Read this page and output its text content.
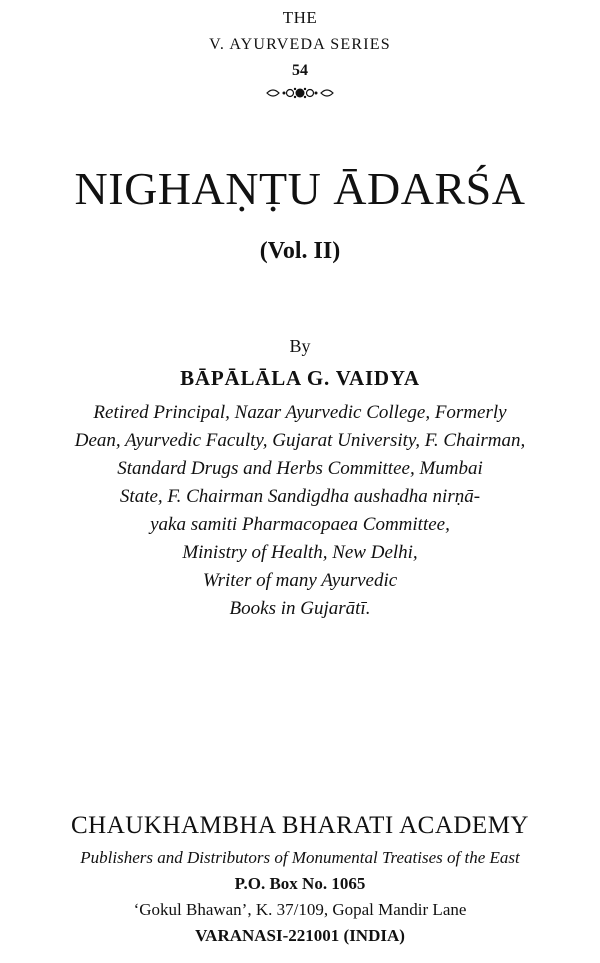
THE
V. AYURVEDA SERIES
54
NIGHAṆṬU ĀDARŚA
(Vol. II)
By
BĀPĀLĀLA G. VAIDYA
Retired Principal, Nazar Ayurvedic College, Formerly
Dean, Ayurvedic Faculty, Gujarat University, F. Chairman,
Standard Drugs and Herbs Committee, Mumbai
State, F. Chairman Sandigdha aushadha nirṇā-
yaka samiti Pharmacopaea Committee,
Ministry of Health, New Delhi,
Writer of many Ayurvedic
Books in Gujarātī.
CHAUKHAMBHA BHARATI ACADEMY
Publishers and Distributors of Monumental Treatises of the East
P.O. Box No. 1065
‘Gokul Bhawan’, K. 37/109, Gopal Mandir Lane
VARANASI-221001 (INDIA)
